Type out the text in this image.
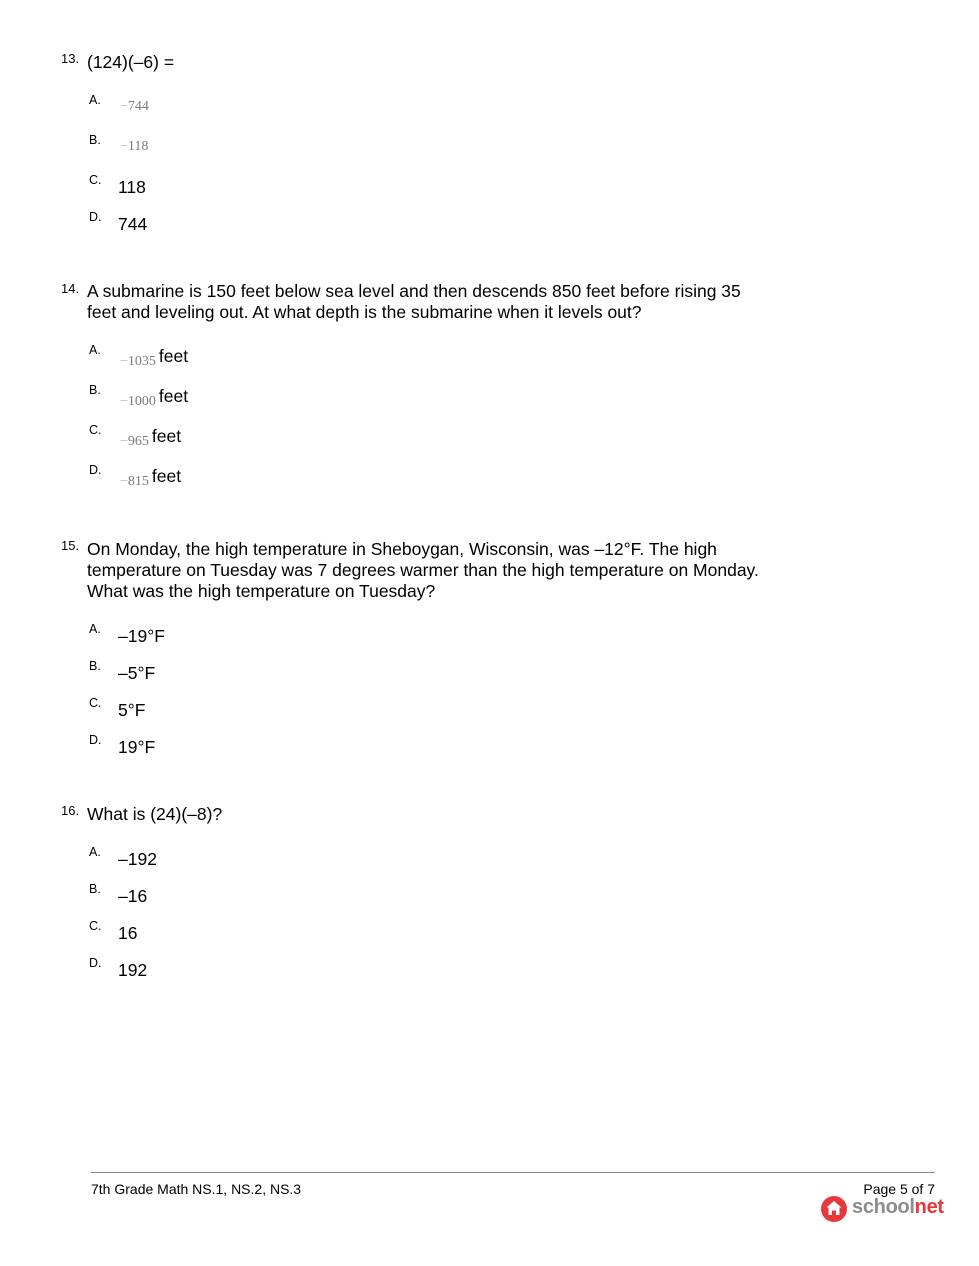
13. (124)(–6) =
A. −744
B. −118
C. 118
D. 744
14. A submarine is 150 feet below sea level and then descends 850 feet before rising 35 feet and leveling out. At what depth is the submarine when it levels out?
A.
−1035 feet
B.
−1000 feet
C.
−965 feet
D.
−815 feet
15. On Monday, the high temperature in Sheboygan, Wisconsin, was –12°F. The high temperature on Tuesday was 7 degrees warmer than the high temperature on Monday. What was the high temperature on Tuesday?
A. –19°F
B. –5°F
C. 5°F
D. 19°F
16. What is (24)(–8)?
A. –192
B. –16
C. 16
D. 192
7th Grade Math NS.1, NS.2, NS.3	Page 5 of 7
schoolnet
